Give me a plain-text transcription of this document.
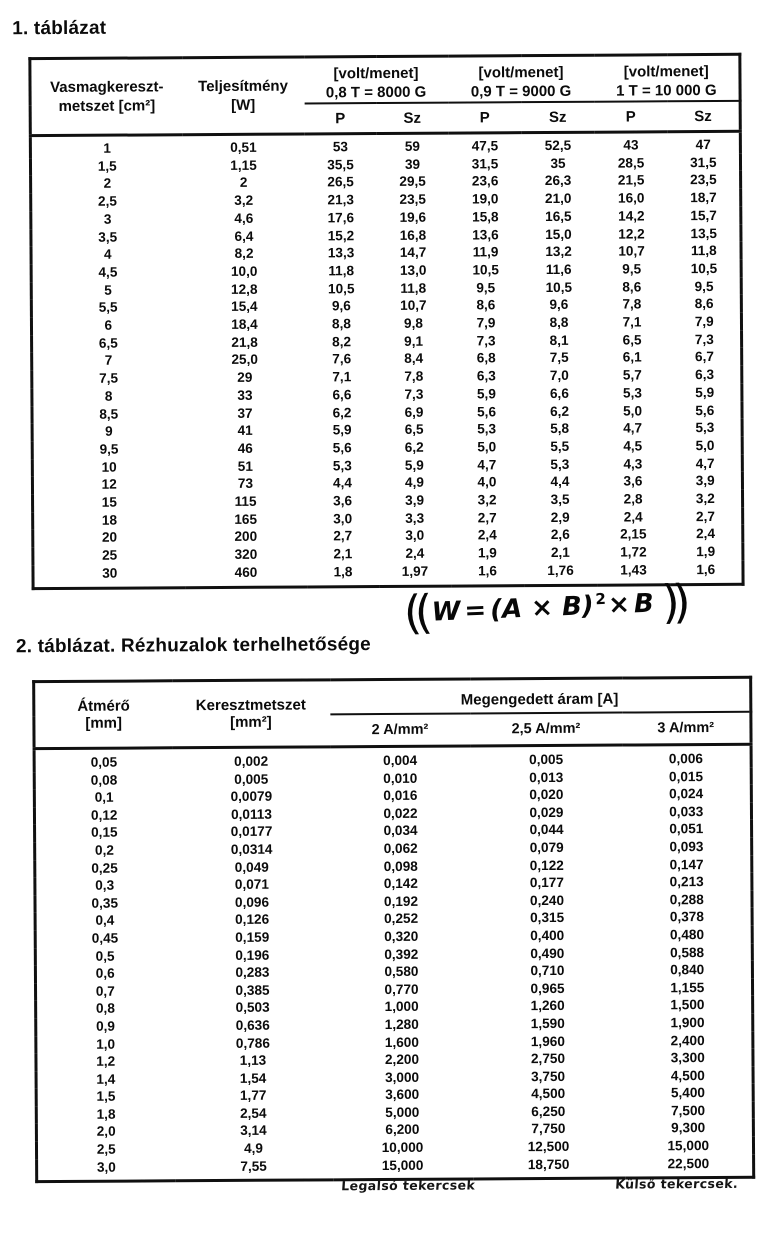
1. táblázat
Vasmagkereszt-
metszet [cm²]

Teljesítmény
[W]

[volt/menet]
0,8 T = 8000 G

[volt/menet]
0,9 T = 9000 G

[volt/menet]
1 T = 10 000 G

		P	Sz	P	Sz	P	Sz
1	0,51	53	59	47,5	52,5	43	47
1,5	1,15	35,5	39	31,5	35	28,5	31,5
2	2	26,5	29,5	23,6	26,3	21,5	23,5
2,5	3,2	21,3	23,5	19,0	21,0	16,0	18,7
3	4,6	17,6	19,6	15,8	16,5	14,2	15,7
3,5	6,4	15,2	16,8	13,6	15,0	12,2	13,5
4	8,2	13,3	14,7	11,9	13,2	10,7	11,8
4,5	10,0	11,8	13,0	10,5	11,6	9,5	10,5
5	12,8	10,5	11,8	9,5	10,5	8,6	9,5
5,5	15,4	9,6	10,7	8,6	9,6	7,8	8,6
6	18,4	8,8	9,8	7,9	8,8	7,1	7,9
6,5	21,8	8,2	9,1	7,3	8,1	6,5	7,3
7	25,0	7,6	8,4	6,8	7,5	6,1	6,7
7,5	29	7,1	7,8	6,3	7,0	5,7	6,3
8	33	6,6	7,3	5,9	6,6	5,3	5,9
8,5	37	6,2	6,9	5,6	6,2	5,0	5,6
9	41	5,9	6,5	5,3	5,8	4,7	5,3
9,5	46	5,6	6,2	5,0	5,5	4,5	5,0
10	51	5,3	5,9	4,7	5,3	4,3	4,7
12	73	4,4	4,9	4,0	4,4	3,6	3,9
15	115	3,6	3,9	3,2	3,5	2,8	3,2
18	165	3,0	3,3	2,7	2,9	2,4	2,7
20	200	2,7	3,0	2,4	2,6	2,15	2,4
25	320	2,1	2,4	1,9	2,1	1,72	1,9
30	460	1,8	1,97	1,6	1,76	1,43	1,6
(( $W = (A \times B)^2\times B$ ))
2. táblázat. Rézhuzalok terhelhetősége
Átmérő
[mm]

Keresztmetszet
[mm²]
	Megengedett áram [A]
		2 A/mm²	2,5 A/mm²	3 A/mm²
0,05	0,002	0,004	0,005	0,006
0,08	0,005	0,010	0,013	0,015
0,1	0,0079	0,016	0,020	0,024
0,12	0,0113	0,022	0,029	0,033
0,15	0,0177	0,034	0,044	0,051
0,2	0,0314	0,062	0,079	0,093
0,25	0,049	0,098	0,122	0,147
0,3	0,071	0,142	0,177	0,213
0,35	0,096	0,192	0,240	0,288
0,4	0,126	0,252	0,315	0,378
0,45	0,159	0,320	0,400	0,480
0,5	0,196	0,392	0,490	0,588
0,6	0,283	0,580	0,710	0,840
0,7	0,385	0,770	0,965	1,155
0,8	0,503	1,000	1,260	1,500
0,9	0,636	1,280	1,590	1,900
1,0	0,786	1,600	1,960	2,400
1,2	1,13	2,200	2,750	3,300
1,4	1,54	3,000	3,750	4,500
1,5	1,77	3,600	4,500	5,400
1,8	2,54	5,000	6,250	7,500
2,0	3,14	6,200	7,750	9,300
2,5	4,9	10,000	12,500	15,000
3,0	7,55	15,000	18,750	22,500
Legalsó tekercsek	Külső tekercsek.
